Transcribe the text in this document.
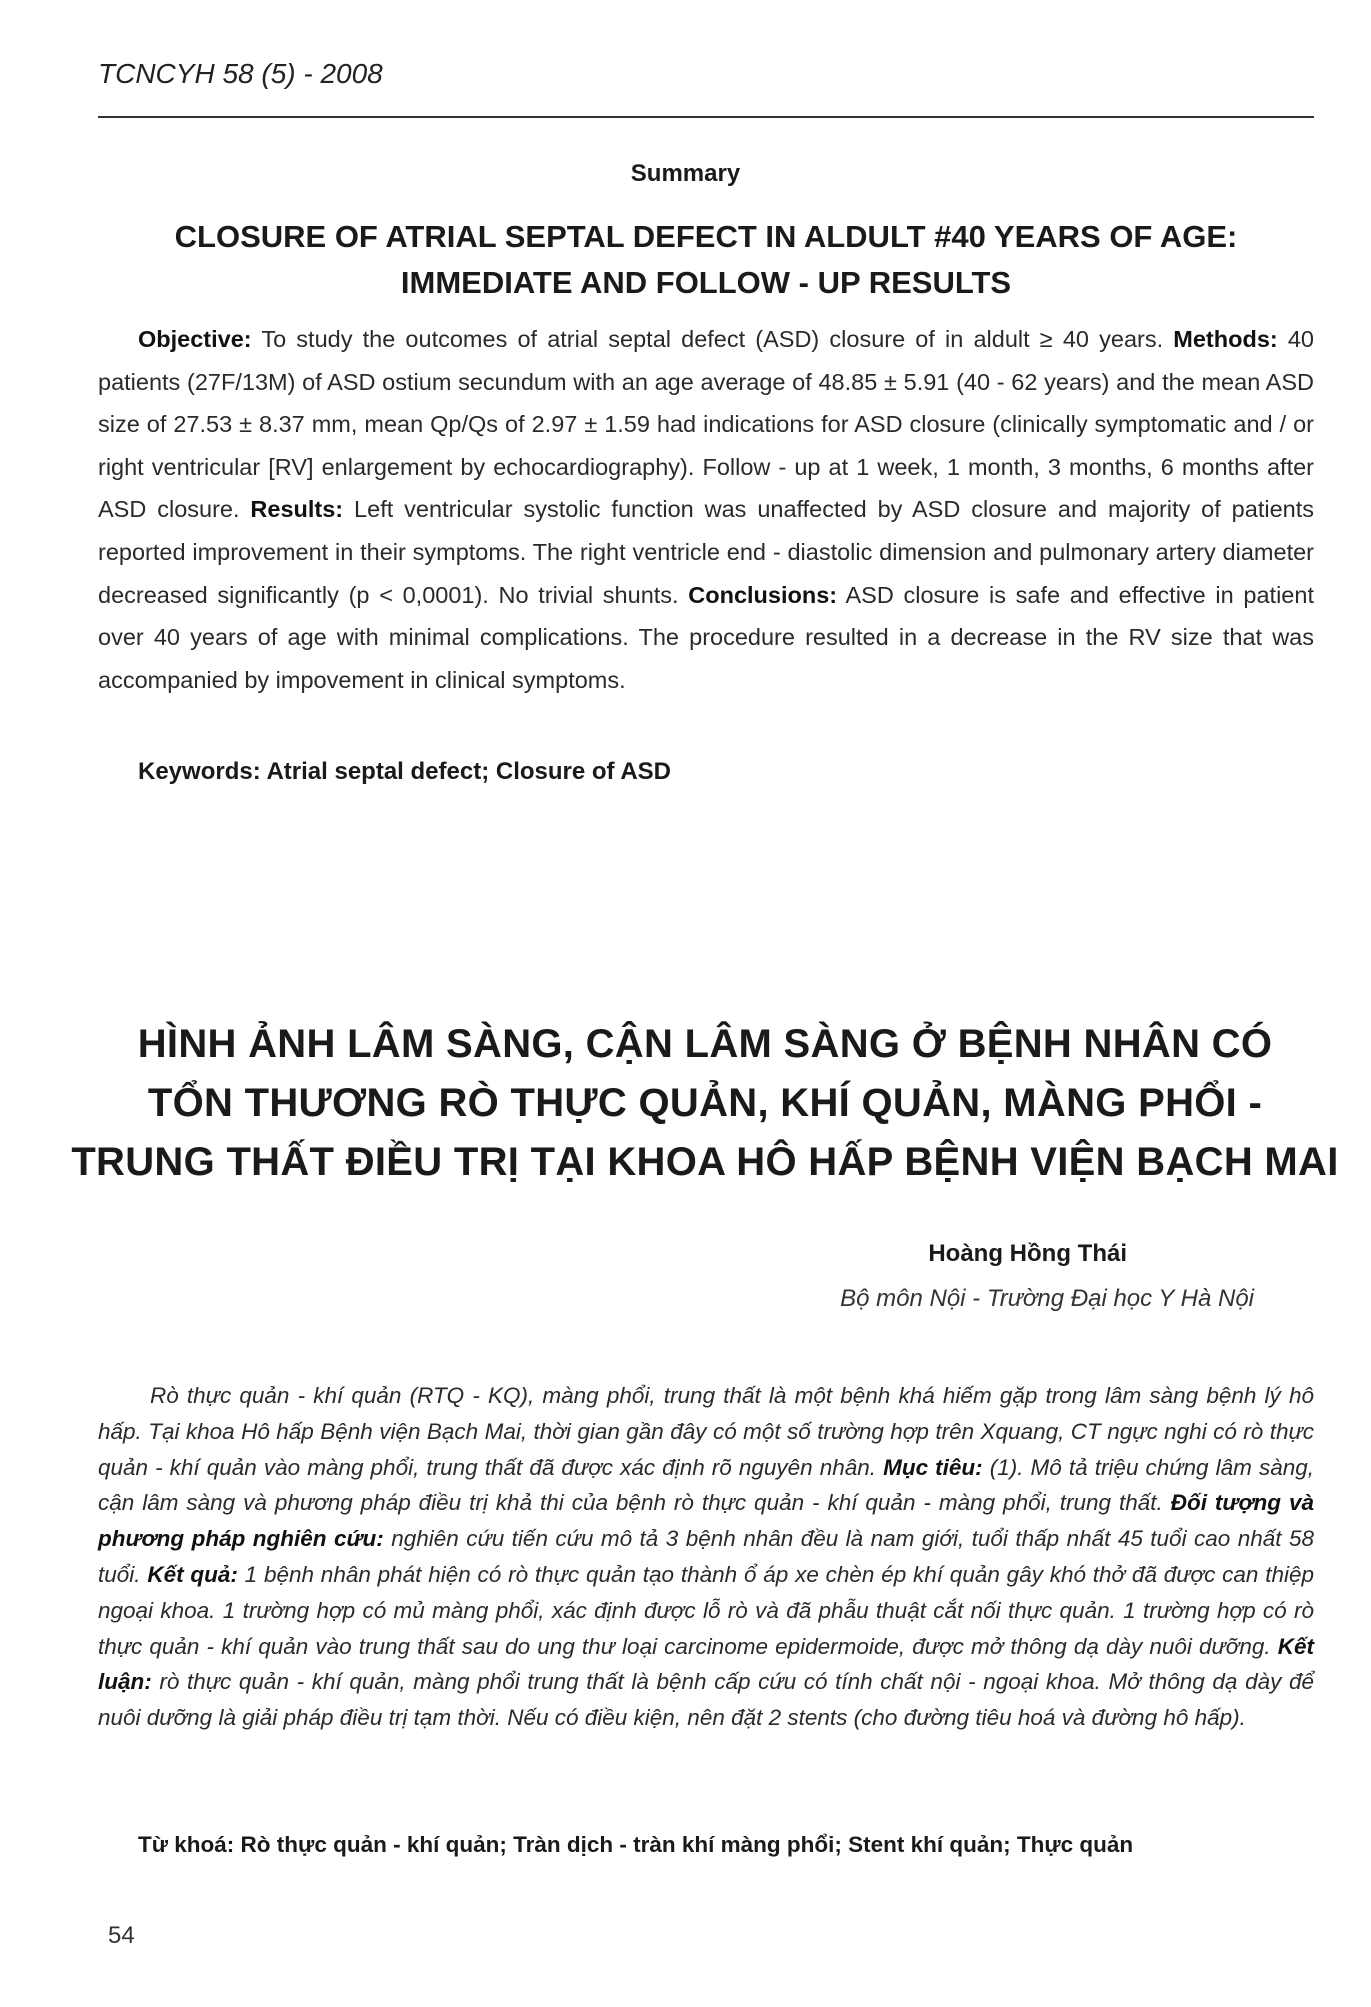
TCNCYH 58 (5) - 2008
Summary
CLOSURE OF ATRIAL SEPTAL DEFECT IN ALDULT #40 YEARS OF AGE:
IMMEDIATE AND FOLLOW - UP RESULTS
Objective: To study the outcomes of atrial septal defect (ASD) closure of in aldult ≥ 40 years. Methods: 40 patients (27F/13M) of ASD ostium secundum with an age average of 48.85 ± 5.91 (40 - 62 years) and the mean ASD size of 27.53 ± 8.37 mm, mean Qp/Qs of 2.97 ± 1.59 had indications for ASD closure (clinically symptomatic and / or right ventricular [RV] enlargement by echocardiography). Follow - up at 1 week, 1 month, 3 months, 6 months after ASD closure. Results: Left ventricular systolic function was unaffected by ASD closure and majority of patients reported improvement in their symptoms. The right ventricle end - diastolic dimension and pulmonary artery diameter decreased significantly (p < 0,0001). No trivial shunts. Conclusions: ASD closure is safe and effective in patient over 40 years of age with minimal complications. The procedure resulted in a decrease in the RV size that was accompanied by impovement in clinical symptoms.
Keywords: Atrial septal defect; Closure of ASD
HÌNH ẢNH LÂM SÀNG, CẬN LÂM SÀNG Ở BỆNH NHÂN CÓ
TỔN THƯƠNG RÒ THỰC QUẢN, KHÍ QUẢN, MÀNG PHỔI -
TRUNG THẤT ĐIỀU TRỊ TẠI KHOA HÔ HẤP BỆNH VIỆN BẠCH MAI
Hoàng Hồng Thái
Bộ môn Nội - Trường Đại học Y Hà Nội
Rò thực quản - khí quản (RTQ - KQ), màng phổi, trung thất là một bệnh khá hiếm gặp trong lâm sàng bệnh lý hô hấp. Tại khoa Hô hấp Bệnh viện Bạch Mai, thời gian gần đây có một số trường hợp trên Xquang, CT ngực nghi có rò thực quản - khí quản vào màng phổi, trung thất đã được xác định rõ nguyên nhân. Mục tiêu: (1). Mô tả triệu chứng lâm sàng, cận lâm sàng và phương pháp điều trị khả thi của bệnh rò thực quản - khí quản - màng phổi, trung thất. Đối tượng và phương pháp nghiên cứu: nghiên cứu tiến cứu mô tả 3 bệnh nhân đều là nam giới, tuổi thấp nhất 45 tuổi cao nhất 58 tuổi. Kết quả: 1 bệnh nhân phát hiện có rò thực quản tạo thành ổ áp xe chèn ép khí quản gây khó thở đã được can thiệp ngoại khoa. 1 trường hợp có mủ màng phổi, xác định được lỗ rò và đã phẫu thuật cắt nối thực quản. 1 trường hợp có rò thực quản - khí quản vào trung thất sau do ung thư loại carcinome epidermoide, được mở thông dạ dày nuôi dưỡng. Kết luận: rò thực quản - khí quản, màng phổi trung thất là bệnh cấp cứu có tính chất nội - ngoại khoa. Mở thông dạ dày để nuôi dưỡng là giải pháp điều trị tạm thời. Nếu có điều kiện, nên đặt 2 stents (cho đường tiêu hoá và đường hô hấp).
Từ khoá: Rò thực quản - khí quản; Tràn dịch - tràn khí màng phổi; Stent khí quản; Thực quản
54
